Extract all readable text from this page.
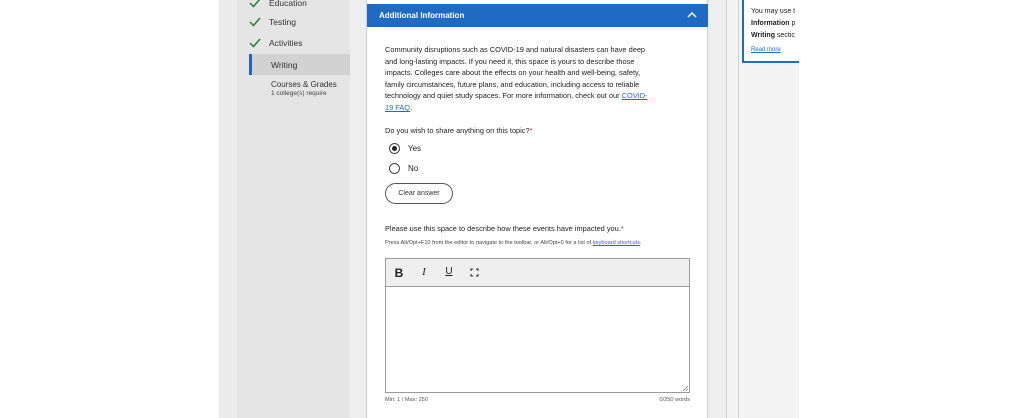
Education
Testing
Activities
Writing
Courses & Grades
1 college(s) require
Additional Information

Community disruptions such as COVID-19 and natural disasters can have deep and long-lasting impacts. If you need it, this space is yours to describe those impacts. Colleges care about the effects on your health and well-being, safety, family circumstances, future plans, and education, including access to reliable technology and quiet study spaces. For more information, check out our COVID-19 FAQ.

Do you wish to share anything on this topic?*
Yes
No
Clear answer
Please use this space to describe how these events have impacted you.*

Press Alt/Opt+F10 from the editor to navigate to the toolbar, or Alt/Opt+0 for a list of keyboard shortcuts.

B	I	U
Min: 1 / Max: 250	0/250 words
You may use t
Information p
Writing sectic
Read more
